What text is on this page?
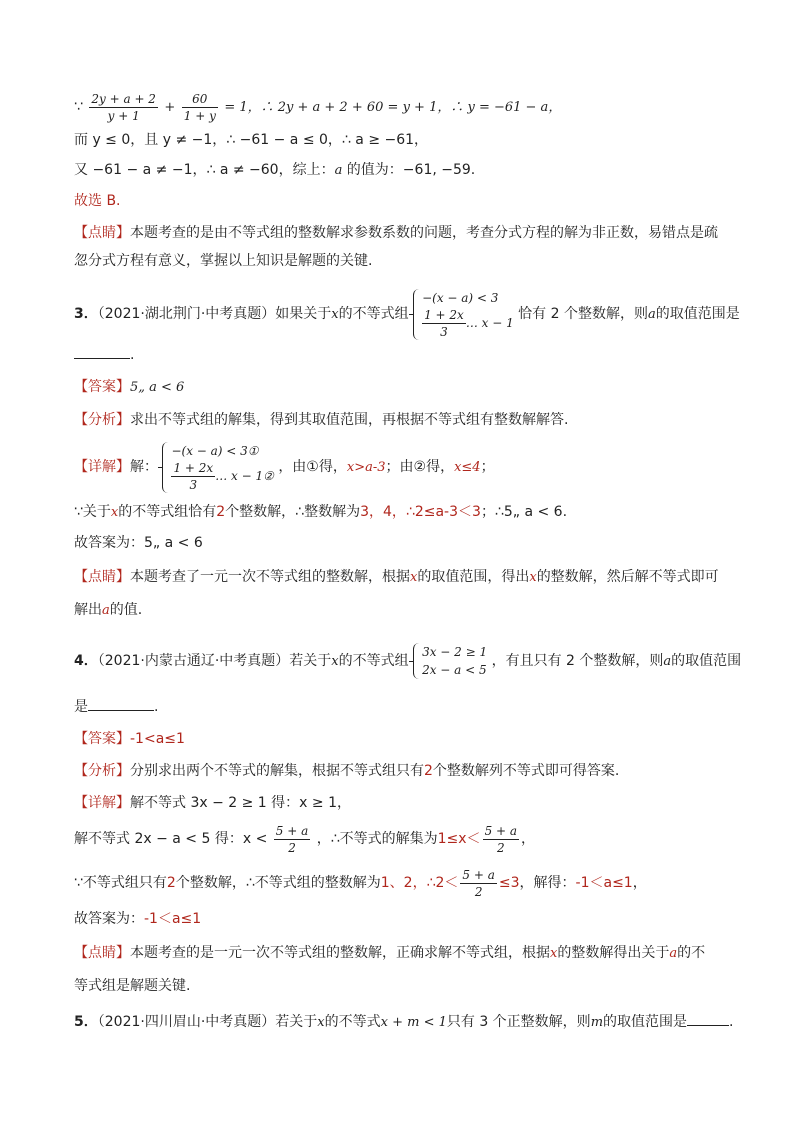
∵ $\frac{2y + a + 2}{y + 1} + \frac{60}{1 + y} = 1$，∴ 2y + a + 2 + 60 = y + 1，∴ y = −61 − a，
而 y ≤ 0，且 y ≠ −1，∴ −61 − a ≤ 0，∴ a ≥ −61，
又 −61 − a ≠ −1，∴ a ≠ −60，综上：a 的值为：−61, −59.
故选 B.
【点睛】本题考查的是由不等式组的整数解求参数系数的问题，考查分式方程的解为非正数，易错点是疏忽分式方程有意义，掌握以上知识是解题的关键.
3．（2021·湖北荆门·中考真题）如果关于x的不等式组
−(x − a) < 3
$\frac{1 + 2x}{3}$ … x − 1
恰有 2 个整数解，则a的取值范围是
.
【答案】5„ a < 6
【分析】求出不等式组的解集，得到其取值范围，再根据不等式组有整数解解答.
【详解】解：
−(x − a) < 3①
$\frac{1 + 2x}{3}$ … x − 1②
，由①得，x>a-3；由②得，x≤4；
∵关于x的不等式组恰有2个整数解，∴整数解为3，4，∴2≤a-3＜3；∴5„ a < 6.
故答案为：5„ a < 6
【点睛】本题考查了一元一次不等式组的整数解，根据x的取值范围，得出x的整数解，然后解不等式即可
解出a的值.
4．（2021·内蒙古通辽·中考真题）若关于x的不等式组
3x − 2 ≥ 1
2x − a < 5
，有且只有 2 个整数解，则a的取值范围
是	.
【答案】-1<a≤1
【分析】分别求出两个不等式的解集，根据不等式组只有2个整数解列不等式即可得答案.
【详解】解不等式 3x − 2 ≥ 1 得：x ≥ 1，
解不等式 2x − a < 5 得：$x < \frac{5 + a}{2}$ ，∴不等式的解集为$1\le x< \frac{5 + a}{2}$ ，
∵不等式组只有2个整数解，∴不等式组的整数解为1、2，∴2＜ $\frac{5 + a}{2} \le 3$，解得：-1＜a≤1，
故答案为：-1＜a≤1
【点睛】本题考查的是一元一次不等式组的整数解，正确求解不等式组，根据x的整数解得出关于a的不
等式组是解题关键.
5．（2021·四川眉山·中考真题）若关于x的不等式x + m < 1只有 3 个正整数解，则m的取值范围是	.
